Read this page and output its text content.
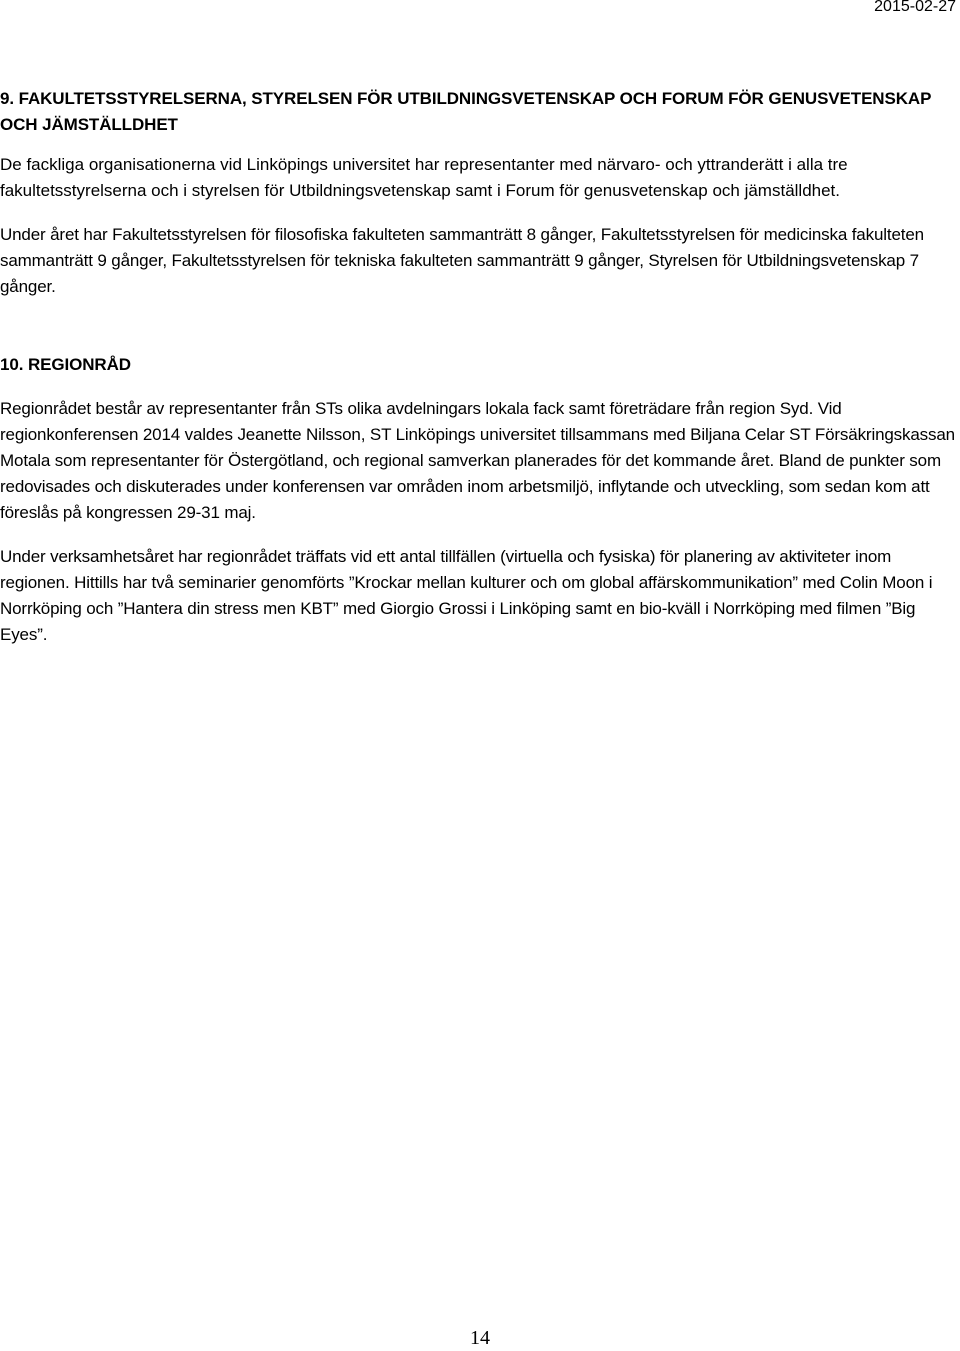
2015-02-27
9. FAKULTETSSTYRELSERNA, STYRELSEN FÖR UTBILDNINGSVETENSKAP OCH FORUM FÖR GENUSVETENSKAP OCH JÄMSTÄLLDHET

De fackliga organisationerna vid Linköpings universitet har representanter med närvaro- och yttranderätt i alla tre fakultetsstyrelserna och i styrelsen för Utbildningsvetenskap samt i Forum för genusvetenskap och jämställdhet.

Under året har Fakultetsstyrelsen för filosofiska fakulteten sammanträtt 8 gånger, Fakultetsstyrelsen för medicinska fakulteten sammanträtt 9 gånger, Fakultetsstyrelsen för tekniska fakulteten sammanträtt 9 gånger, Styrelsen för Utbildningsvetenskap 7 gånger.

10. REGIONRÅD

Regionrådet består av representanter från STs olika avdelningars lokala fack samt företrädare från region Syd. Vid regionkonferensen 2014 valdes Jeanette Nilsson, ST Linköpings universitet tillsammans med Biljana Celar ST Försäkringskassan Motala som representanter för Östergötland, och regional samverkan planerades för det kommande året. Bland de punkter som redovisades och diskuterades under konferensen var områden inom arbetsmiljö, inflytande och utveckling, som sedan kom att föreslås på kongressen 29-31 maj.

Under verksamhetsåret har regionrådet träffats vid ett antal tillfällen (virtuella och fysiska) för planering av aktiviteter inom regionen. Hittills har två seminarier genomförts ”Krockar mellan kulturer och om global affärskommunikation” med Colin Moon i Norrköping och ”Hantera din stress men KBT” med Giorgio Grossi i Linköping samt en bio-kväll i Norrköping med filmen ”Big Eyes”.

14
